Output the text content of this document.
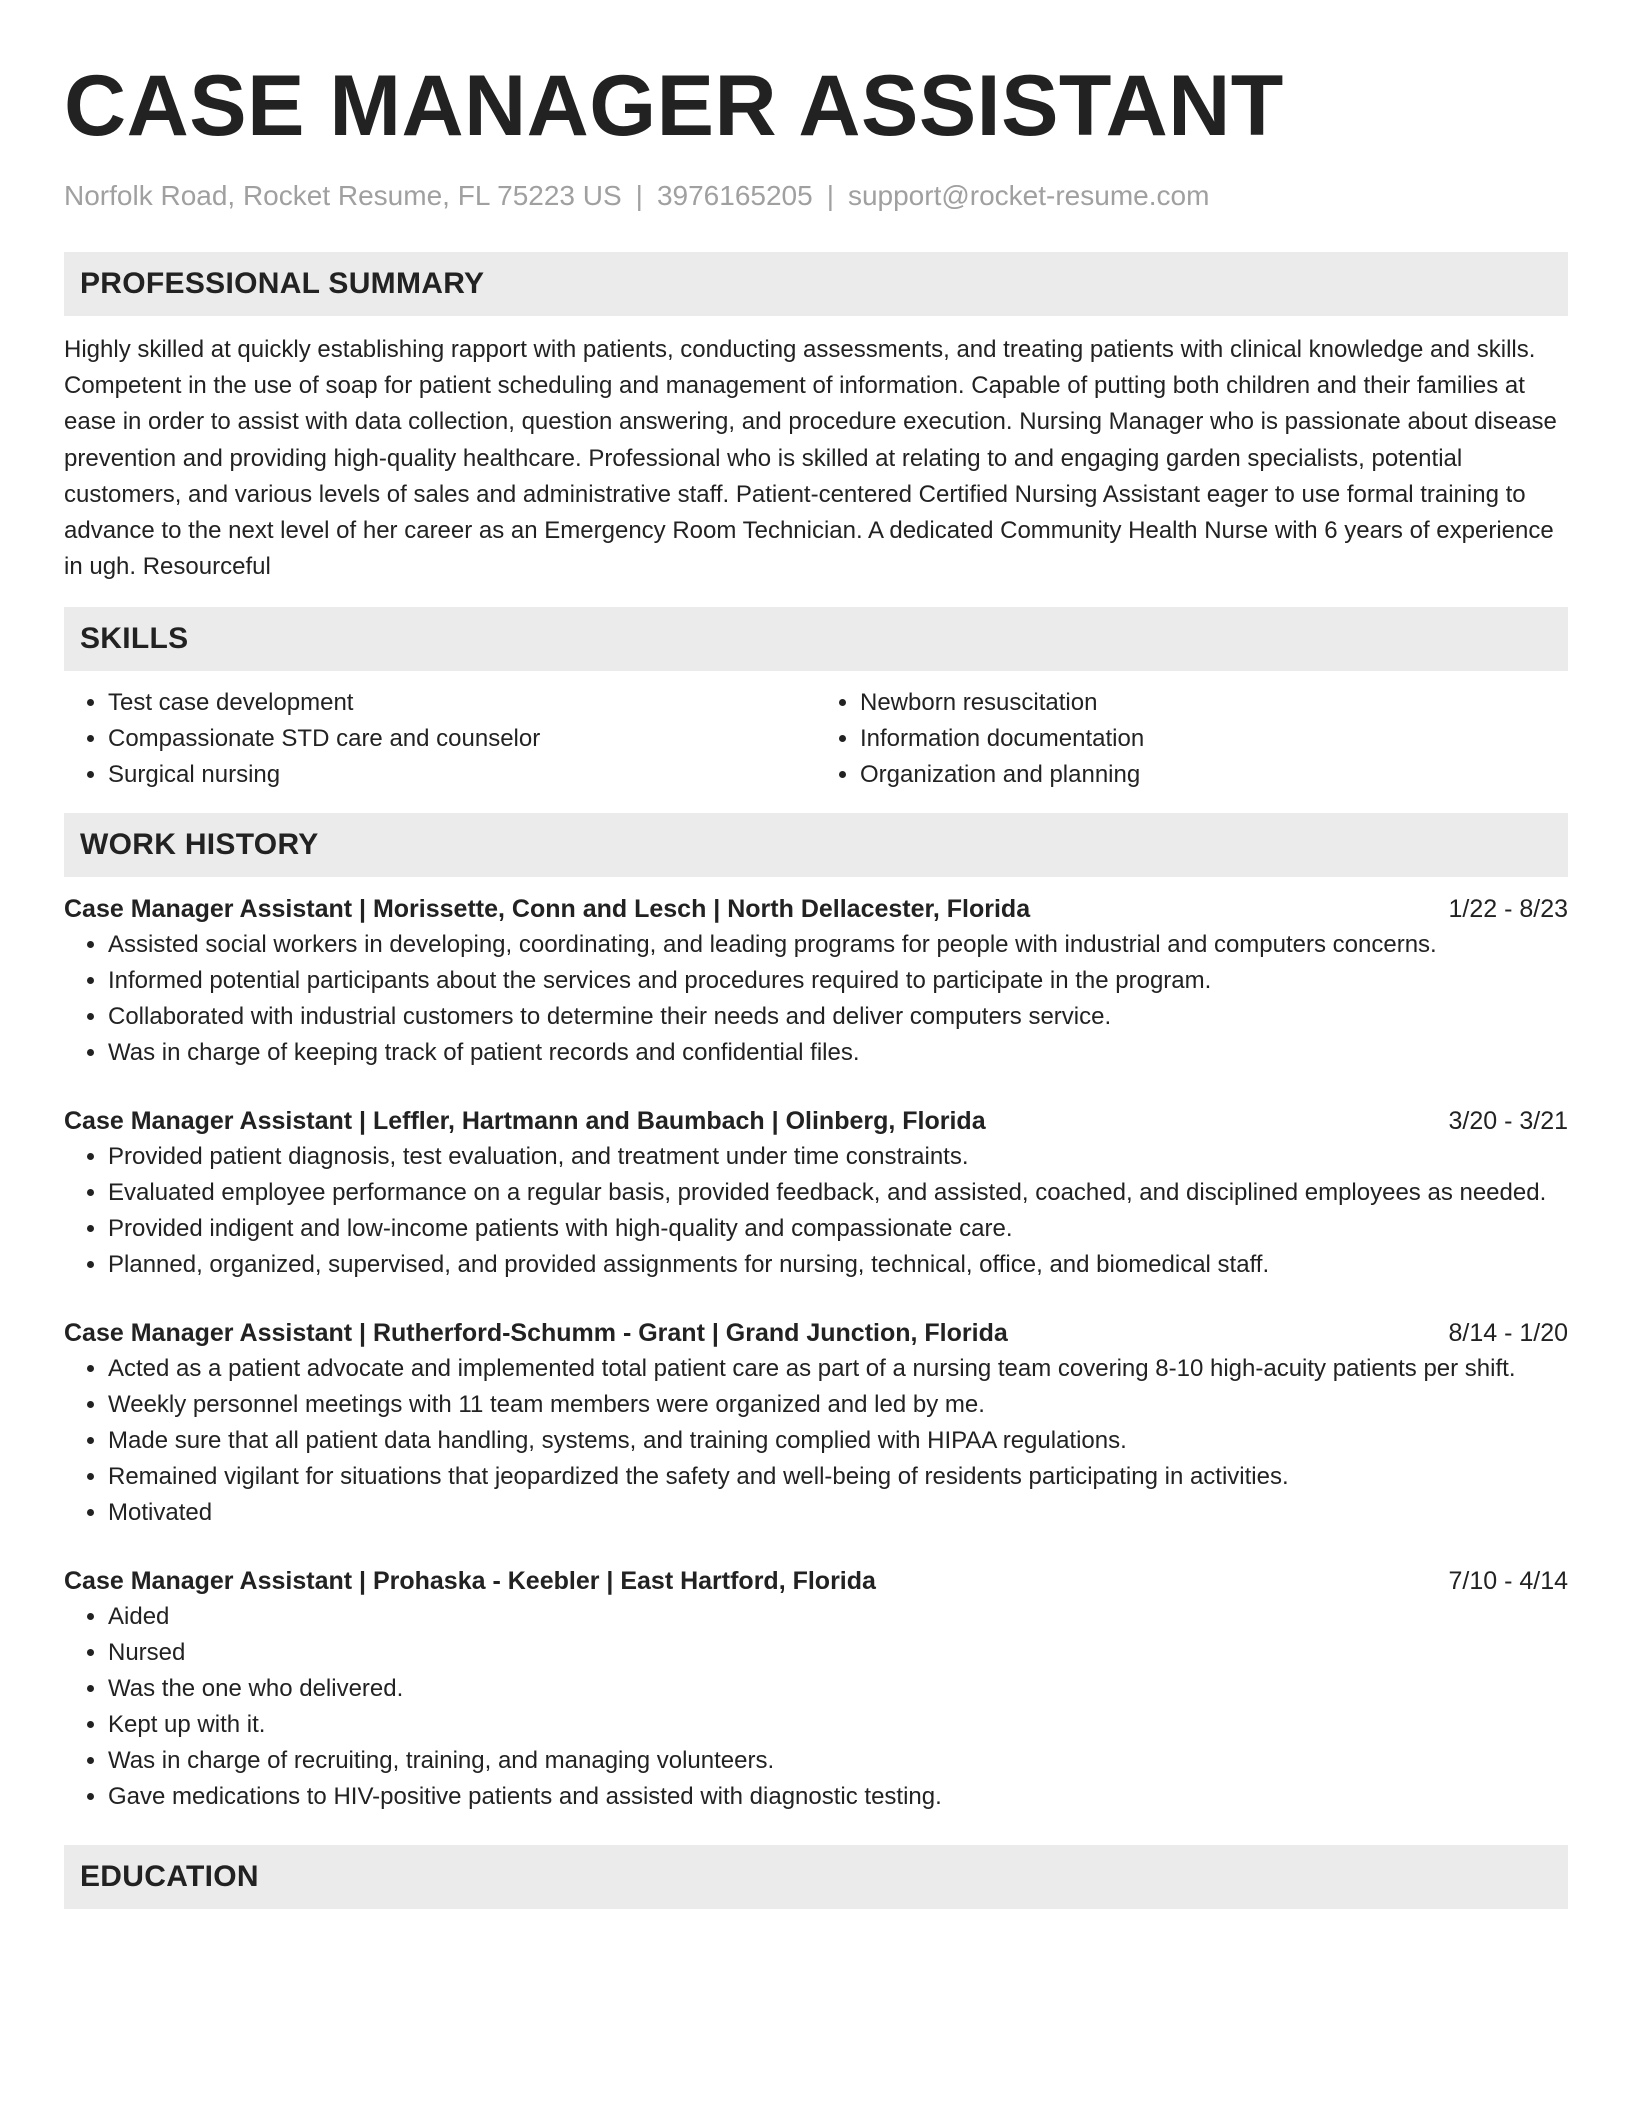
CASE MANAGER ASSISTANT
Norfolk Road, Rocket Resume, FL 75223 US | 3976165205 | support@rocket-resume.com
PROFESSIONAL SUMMARY

Highly skilled at quickly establishing rapport with patients, conducting assessments, and treating patients with clinical knowledge and skills. Competent in the use of soap for patient scheduling and management of information. Capable of putting both children and their families at ease in order to assist with data collection, question answering, and procedure execution. Nursing Manager who is passionate about disease prevention and providing high-quality healthcare. Professional who is skilled at relating to and engaging garden specialists, potential customers, and various levels of sales and administrative staff. Patient-centered Certified Nursing Assistant eager to use formal training to advance to the next level of her career as an Emergency Room Technician. A dedicated Community Health Nurse with 6 years of experience in ugh. Resourceful

SKILLS
• Test case development
• Compassionate STD care and counselor
• Surgical nursing
• Newborn resuscitation
• Information documentation
• Organization and planning
WORK HISTORY
Case Manager Assistant | Morissette, Conn and Lesch | North Dellacester, Florida	1/22 - 8/23
• Assisted social workers in developing, coordinating, and leading programs for people with industrial and computers concerns.
• Informed potential participants about the services and procedures required to participate in the program.
• Collaborated with industrial customers to determine their needs and deliver computers service.
• Was in charge of keeping track of patient records and confidential files.
Case Manager Assistant | Leffler, Hartmann and Baumbach | Olinberg, Florida	3/20 - 3/21
• Provided patient diagnosis, test evaluation, and treatment under time constraints.
• Evaluated employee performance on a regular basis, provided feedback, and assisted, coached, and disciplined employees as needed.
• Provided indigent and low-income patients with high-quality and compassionate care.
• Planned, organized, supervised, and provided assignments for nursing, technical, office, and biomedical staff.
Case Manager Assistant | Rutherford-Schumm - Grant | Grand Junction, Florida	8/14 - 1/20
• Acted as a patient advocate and implemented total patient care as part of a nursing team covering 8-10 high-acuity patients per shift.
• Weekly personnel meetings with 11 team members were organized and led by me.
• Made sure that all patient data handling, systems, and training complied with HIPAA regulations.
• Remained vigilant for situations that jeopardized the safety and well-being of residents participating in activities.
• Motivated
Case Manager Assistant | Prohaska - Keebler | East Hartford, Florida	7/10 - 4/14
• Aided
• Nursed
• Was the one who delivered.
• Kept up with it.
• Was in charge of recruiting, training, and managing volunteers.
• Gave medications to HIV-positive patients and assisted with diagnostic testing.
EDUCATION
